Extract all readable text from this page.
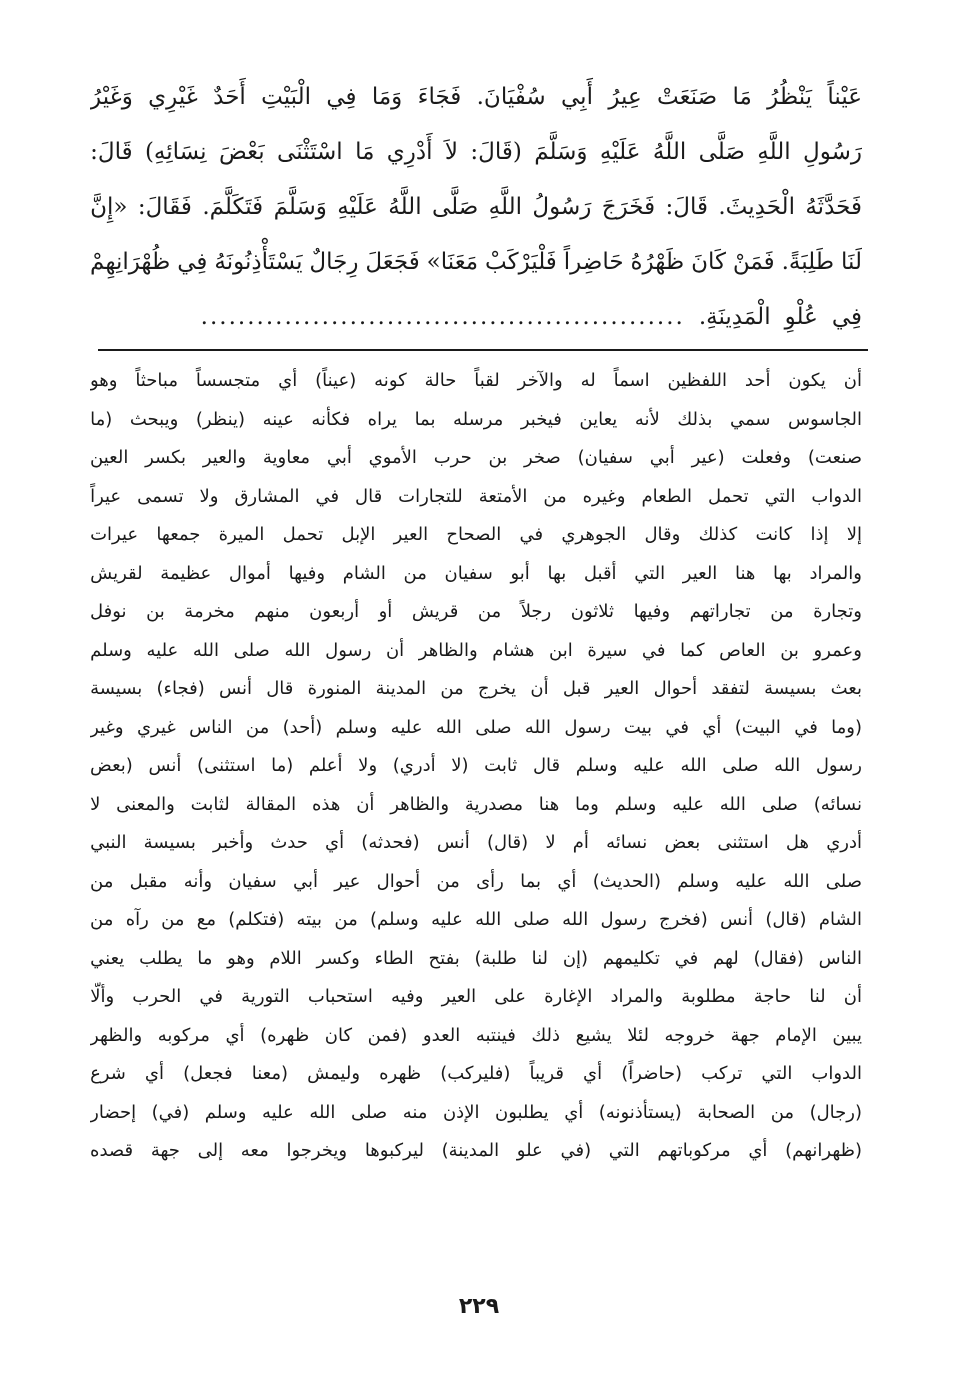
عَيْناً
يَنْظُرُ
مَا
صَنَعَتْ
عِيرُ
أَبِي
سُفْيَانَ.
فَجَاءَ
وَمَا
فِي
الْبَيْتِ
أَحَدٌ
غَيْرِي
وَغَيْرُ
رَسُولِ
اللَّهِ
صَلَّى
اللَّهُ
عَلَيْهِ
وَسَلَّمَ
(قَالَ:
لاَ
أَدْرِي
مَا
اسْتَثْنَى
بَعْضَ
نِسَائِهِ)
قَالَ:
فَحَدَّثَهُ
الْحَدِيثَ.
قَالَ:
فَخَرَجَ
رَسُولُ
اللَّهِ
صَلَّى
اللَّهُ
عَلَيْهِ
وَسَلَّمَ
فَتَكَلَّمَ.
فَقَالَ:
«إِنَّ
لَنَا
طَلِبَةً.
فَمَنْ
كَانَ
ظَهْرُهُ
حَاضِراً
فَلْيَرْكَبْ
مَعَنَا»
فَجَعَلَ
رِجَالٌ
يَسْتَأْذِنُونَهُ
فِي
ظُهْرَانِهِمْ
فِي
عُلْوِ
الْمَدِينَةِ.
....................................................
أن
يكون
أحد
اللفظين
اسماً
له
والآخر
لقباً
حالة
كونه
(عيناً)
أي
متجسساً
مباحثاً
وهو
الجاسوس
سمي
بذلك
لأنه
يعاين
فيخبر
مرسله
بما
يراه
فكأنه
عينه
(ينظر)
ويبحث
(ما
صنعت)
وفعلت
(عير
أبي
سفيان)
صخر
بن
حرب
الأموي
أبي
معاوية
والعير
بكسر
العين
الدواب
التي
تحمل
الطعام
وغيره
من
الأمتعة
للتجارات
قال
في
المشارق
ولا
تسمى
عيراً
إلا
إذا
كانت
كذلك
وقال
الجوهري
في
الصحاح
العير
الإبل
تحمل
الميرة
جمعها
عيرات
والمراد
بها
هنا
العير
التي
أقبل
بها
أبو
سفيان
من
الشام
وفيها
أموال
عظيمة
لقريش
وتجارة
من
تجاراتهم
وفيها
ثلاثون
رجلاً
من
قريش
أو
أربعون
منهم
مخرمة
بن
نوفل
وعمرو
بن
العاص
كما
في
سيرة
ابن
هشام
والظاهر
أن
رسول
الله
صلى
الله
عليه
وسلم
بعث
بسيسة
لتفقد
أحوال
العير
قبل
أن
يخرج
من
المدينة
المنورة
قال
أنس
(فجاء)
بسيسة
(وما
في
البيت)
أي
في
بيت
رسول
الله
صلى
الله
عليه
وسلم
(أحد)
من
الناس
غيري
وغير
رسول
الله
صلى
الله
عليه
وسلم
قال
ثابت
(لا
أدري)
ولا
أعلم
(ما
استثنى)
أنس
(بعض
نسائه)
صلى
الله
عليه
وسلم
وما
هنا
مصدرية
والظاهر
أن
هذه
المقالة
لثابت
والمعنى
لا
أدري
هل
استثنى
بعض
نسائه
أم
لا
(قال)
أنس
(فحدثه)
أي
حدث
وأخبر
بسيسة
النبي
صلى
الله
عليه
وسلم
(الحديث)
أي
بما
رأى
من
أحوال
عير
أبي
سفيان
وأنه
مقبل
من
الشام
(قال)
أنس
(فخرج
رسول
الله
صلى
الله
عليه
وسلم)
من
بيته
(فتكلم)
مع
من
رآه
من
الناس
(فقال)
لهم
في
تكليمهم
(إن
لنا
طلبة)
بفتح
الطاء
وكسر
اللام
وهو
ما
يطلب
يعني
أن
لنا
حاجة
مطلوبة
والمراد
الإغارة
على
العير
وفيه
استحباب
التورية
في
الحرب
وألّا
يبين
الإمام
جهة
خروجه
لئلا
يشيع
ذلك
فينتبه
العدو
(فمن
كان
ظهره)
أي
مركوبه
والظهر
الدواب
التي
تركب
(حاضراً)
أي
قريباً
(فليركب)
ظهره
وليمش
(معنا
فجعل)
أي
شرع
(رجال)
من
الصحابة
(يستأذنونه)
أي
يطلبون
الإذن
منه
صلى
الله
عليه
وسلم
(في)
إحضار
(ظهرانهم)
أي
مركوباتهم
التي
(في
علو
المدينة)
ليركبوها
ويخرجوا
معه
إلى
جهة
قصده
٢٢٩
